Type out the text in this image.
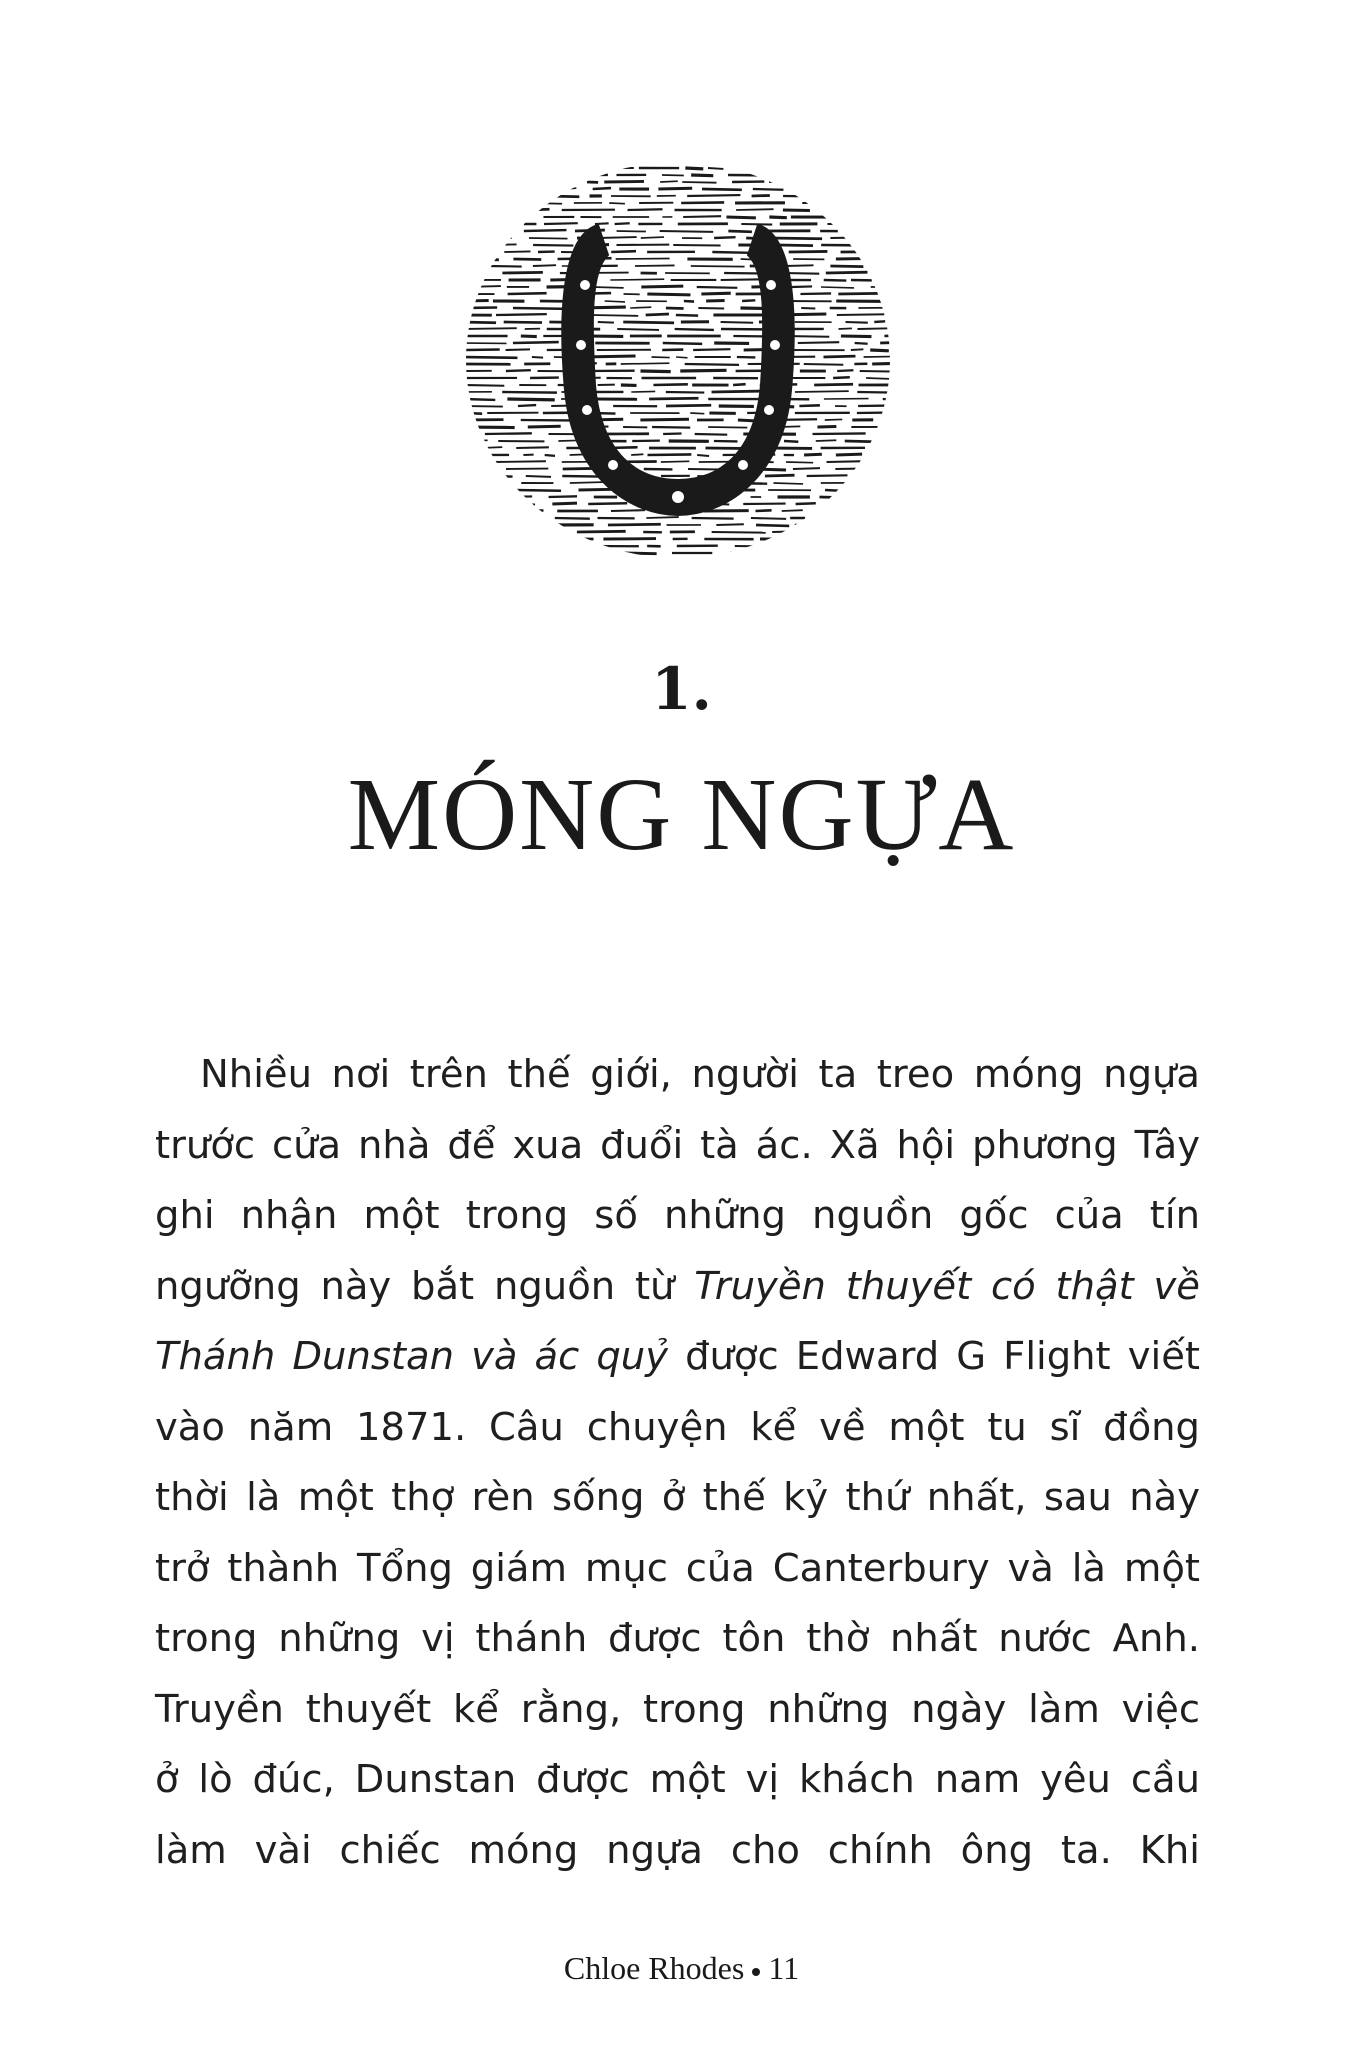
1.
MÓNG NGỰA
Nhiều nơi trên thế giới, người ta treo móng ngựa
trước cửa nhà để xua đuổi tà ác. Xã hội phương Tây
ghi nhận một trong số những nguồn gốc của tín
ngưỡng này bắt nguồn từ Truyền thuyết có thật về
Thánh Dunstan và ác quỷ được Edward G Flight viết
vào năm 1871. Câu chuyện kể về một tu sĩ đồng
thời là một thợ rèn sống ở thế kỷ thứ nhất, sau này
trở thành Tổng giám mục của Canterbury và là một
trong những vị thánh được tôn thờ nhất nước Anh.
Truyền thuyết kể rằng, trong những ngày làm việc
ở lò đúc, Dunstan được một vị khách nam yêu cầu
làm vài chiếc móng ngựa cho chính ông ta. Khi
Chloe Rhodes 11
